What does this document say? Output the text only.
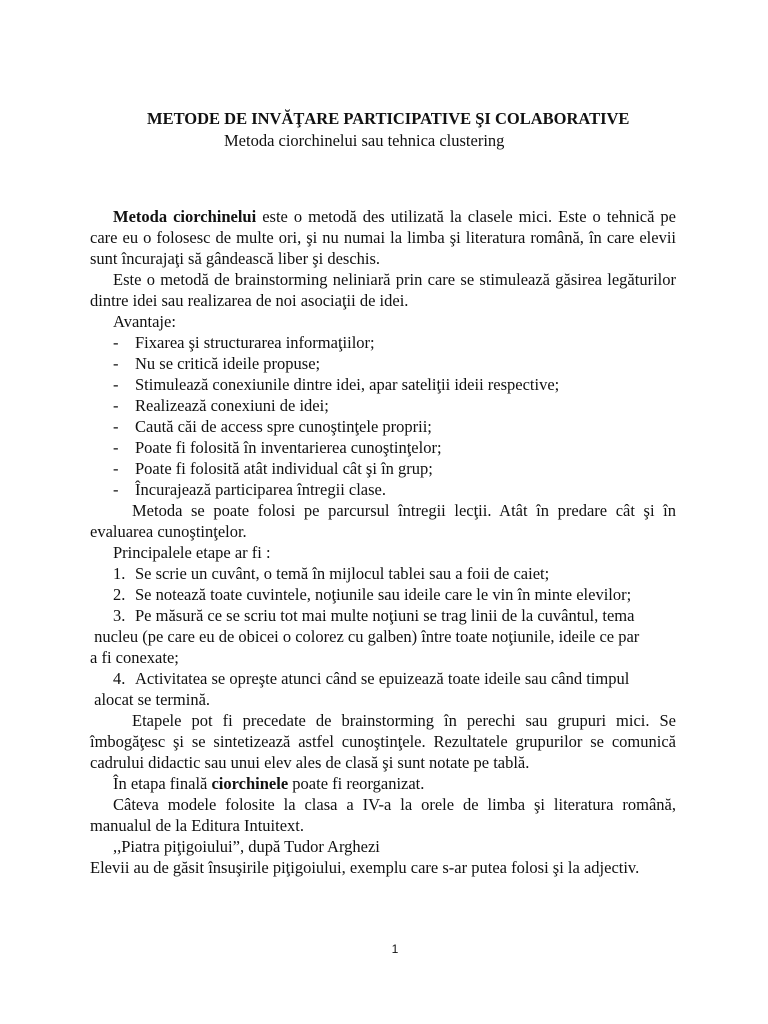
METODE DE INVĂŢARE PARTICIPATIVE ŞI COLABORATIVE
Metoda ciorchinelui sau tehnica clustering

Metoda ciorchinelui este o metodă des utilizată la clasele mici. Este o tehnică pe care eu o folosesc de multe ori, şi nu numai la limba şi literatura română, în care elevii sunt încurajaţi să gândească liber şi deschis.

Este o metodă de brainstorming neliniară prin care se stimulează găsirea legăturilor dintre idei sau realizarea de noi asociaţii de idei.

Avantaje:

-	Fixarea şi structurarea informaţiilor;
-	Nu se critică ideile propuse;
-	Stimulează conexiunile dintre idei, apar sateliţii ideii respective;
-	Realizează conexiuni de idei;
-	Caută căi de access spre cunoştinţele proprii;
-	Poate fi folosită în inventarierea cunoştinţelor;
-	Poate fi folosită atât individual cât şi în grup;
-	Încurajează participarea întregii clase.

Metoda se poate folosi pe parcursul întregii lecţii. Atât în predare cât şi în evaluarea cunoştinţelor.

Principalele etape ar fi :

1. Se scrie un cuvânt, o temă în mijlocul tablei sau a foii de caiet;
2. Se notează toate cuvintele, noţiunile sau ideile care le vin în minte elevilor;
3. Pe măsură ce se scriu tot mai multe noţiuni se trag linii de la cuvântul, tema
nucleu (pe care eu de obicei o colorez cu galben) între toate noţiunile, ideile ce par
a fi conexate;
4. Activitatea se opreşte atunci când se epuizează toate ideile sau când timpul
alocat se termină.

Etapele pot fi precedate de brainstorming în perechi sau grupuri mici. Se îmbogăţesc şi se sintetizează astfel cunoştinţele. Rezultatele grupurilor se comunică cadrului didactic sau unui elev ales de clasă şi sunt notate pe tablă.

În etapa finală ciorchinele poate fi reorganizat.

Câteva modele folosite la clasa a IV-a la orele de limba şi literatura română, manualul de la Editura Intuitext.

,,Piatra piţigoiului”, după Tudor Arghezi

Elevii au de găsit însuşirile piţigoiului, exemplu care s-ar putea folosi şi la adjectiv.

1
